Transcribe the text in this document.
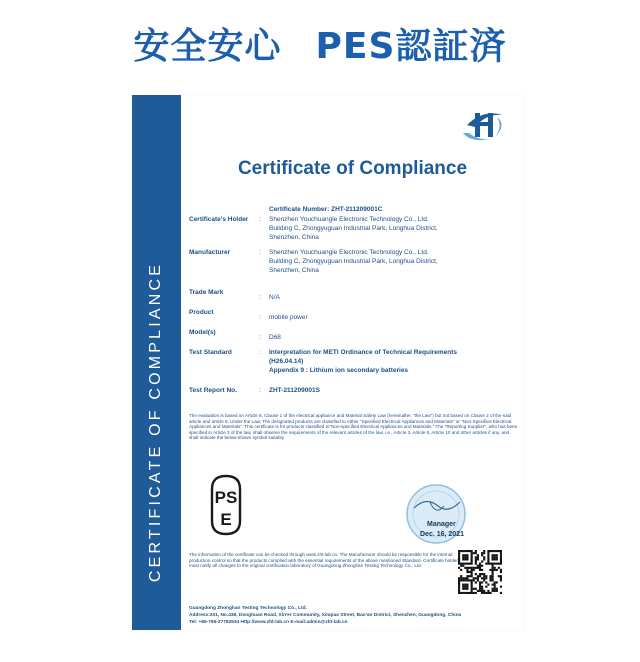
安全安心 PES認証済
CERTIFICATE OF COMPLIANCE
Certificate of Compliance
Certificate Number: ZHT-211209001C
Certificate's Holder : Shenzhen Youchuangle Electronic Technology Co., Ltd.
Building C, Zhongyuguan Industrial Park, Longhua District,
Shenzhen, China
Manufacturer	: Shenzhen Youchuangle Electronic Technology Co., Ltd.
Building C, Zhongyuguan Industrial Park, Longhua District,
Shenzhen, China
Trade Mark
: N/A
Product
: mobile power
Model(s)
: D68
Test Standard	: Interpretation for METI Ordinance of Technical Requirements
(H26.04.14)
Appendix 9 : Lithium ion secondary batteries
Test Report No.	: ZHT-211209001S
The evaluation is based on Article 8, Clause 1 of the electrical appliance and Material Safety Law (hereinafter, "the Law") but not based on Clause 2 of the said article and article 9. Under the Law, The designated products are classified to either "Specified Electrical Appliances and Materials" or "Non-Specified Electrical Appliances and Materials". This certificate is for products classified to"Non-specified Electrical Appliances and Materials." The "Reporting Supplier", who has been specified in Article 3 of the law, shall observe the requirements of the relevant articles of the law, i.e., Article 3, Article 8, Article 10 and other articles if any, and shall indicate the below-shown symbol suitably
PS
E	Manager
Dec. 16, 2021
The information of the certificate can be checked through www.zht-lab.cn. The Manufacturer should be responsible for the internal production control so that the products complied with the essential requirements of the above mentioned Standard. Certificate holder must notify all changes to the original certification laboratory of Guangdong Zhonghan Testing Technology Co., Ltd.
Guangdong Zhonghan Testing Technology Co., Ltd.
Address:201, No.438, Donghuan Road, Xin'er Community, Xinqiao Street, Bao'an District, Shenzhen, Guangdong, China
Tel: +86-755-27782934 Http://www.zht-lab.cn E-mail:admin@zht-lab.cn
